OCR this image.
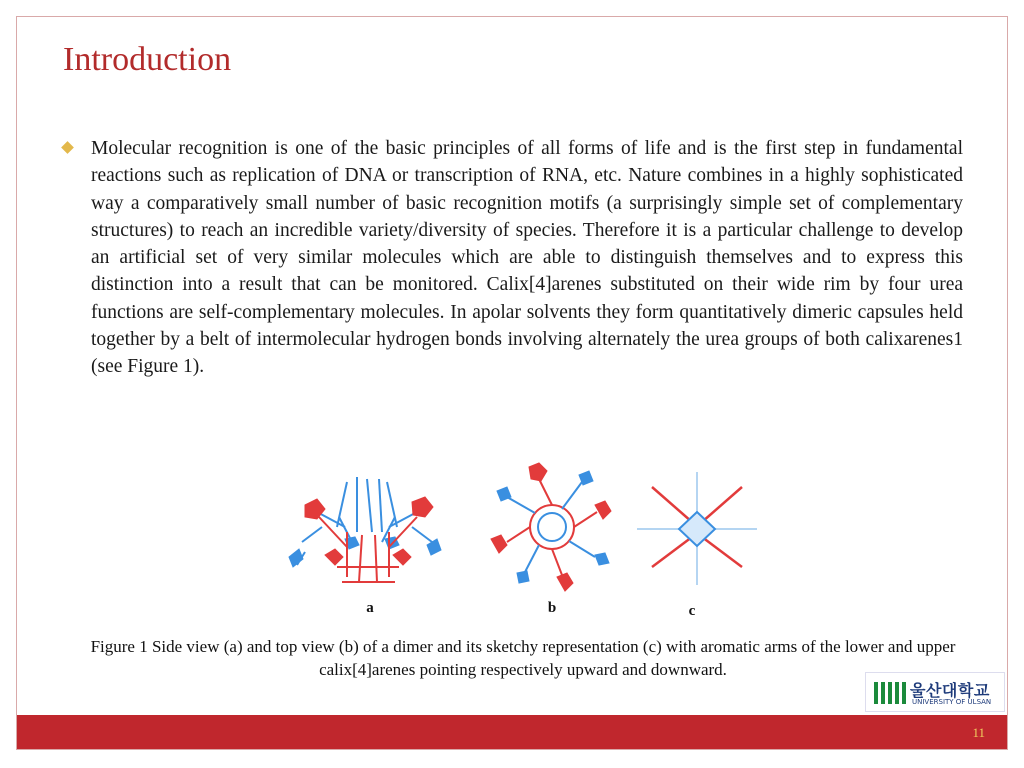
Introduction
Molecular recognition is one of the basic principles of all forms of life and is the first step in fundamental reactions such as replication of DNA or transcription of RNA, etc. Nature combines in a highly sophisticated way a comparatively small number of basic recognition motifs (a surprisingly simple set of complementary structures) to reach an incredible variety/diversity of species. Therefore it is a particular challenge to develop an artificial set of very similar molecules which are able to distinguish themselves and to express this distinction into a result that can be monitored. Calix[4]arenes substituted on their wide rim by four urea functions are self-complementary molecules. In apolar solvents they form quantitatively dimeric capsules held together by a belt of intermolecular hydrogen bonds involving alternately the urea groups of both calixarenes1 (see Figure 1).
a	b	c
Figure 1 Side view (a) and top view (b) of a dimer and its sketchy representation (c) with aromatic arms of the lower and upper calix[4]arenes pointing respectively upward and downward.
울산대학교
UNIVERSITY OF ULSAN
11
